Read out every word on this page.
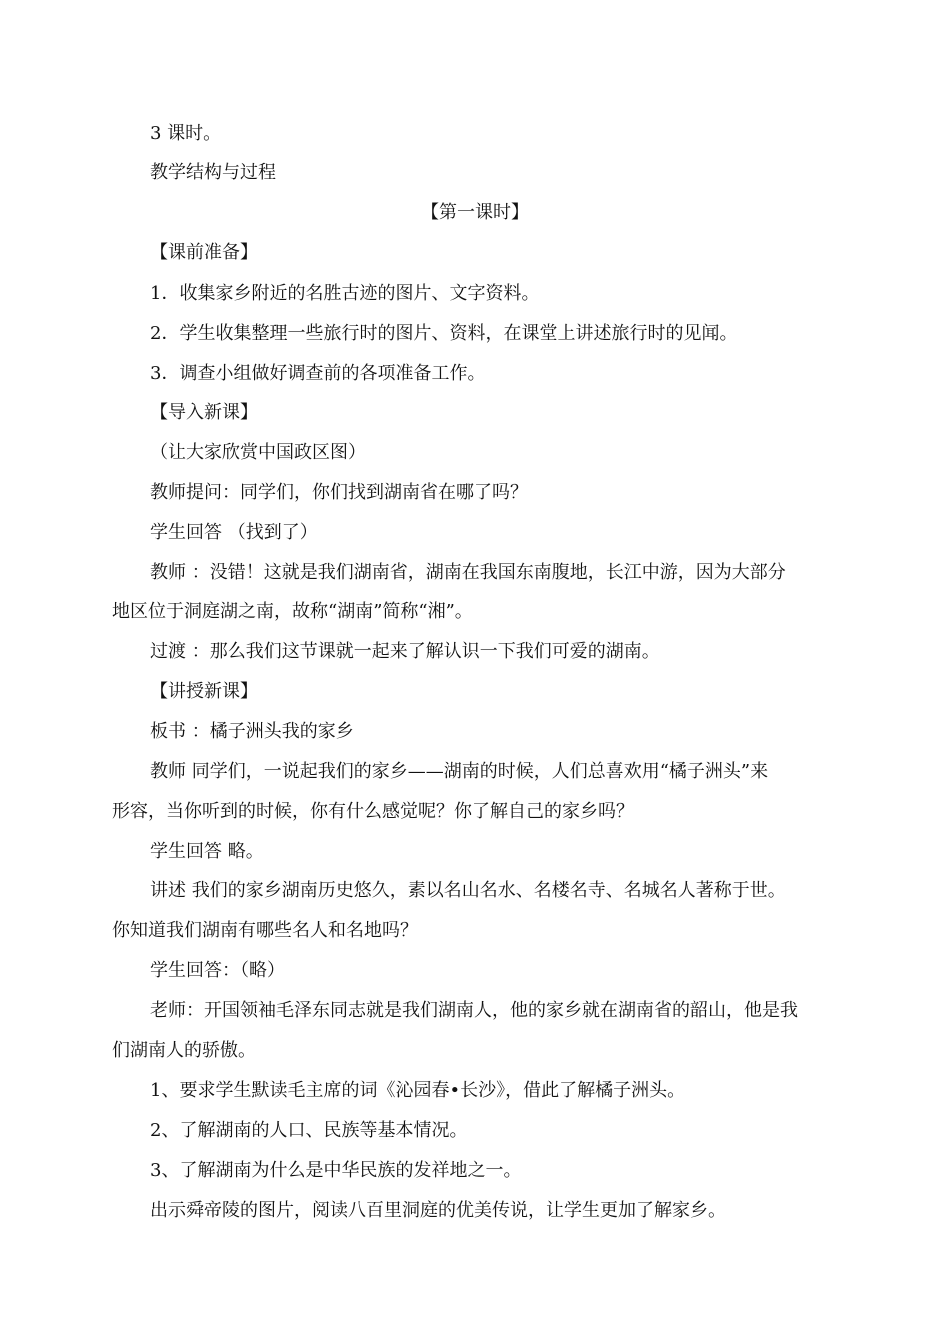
3 课时。
教学结构与过程
【第一课时】
【课前准备】
1．收集家乡附近的名胜古迹的图片、文字资料。
2．学生收集整理一些旅行时的图片、资料，在课堂上讲述旅行时的见闻。
3．调查小组做好调查前的各项准备工作。
【导入新课】
（让大家欣赏中国政区图）
教师提问：同学们，你们找到湖南省在哪了吗？
学生回答 （找到了）
教师 ：没错！这就是我们湖南省，湖南在我国东南腹地，长江中游，因为大部分
地区位于洞庭湖之南，故称“湖南”简称“湘”。
过渡 ：那么我们这节课就一起来了解认识一下我们可爱的湖南。
【讲授新课】
板书 ：橘子洲头我的家乡
教师 同学们，一说起我们的家乡——湖南的时候，人们总喜欢用“橘子洲头”来
形容，当你听到的时候，你有什么感觉呢？你了解自己的家乡吗？
学生回答 略。
讲述 我们的家乡湖南历史悠久，素以名山名水、名楼名寺、名城名人著称于世。
你知道我们湖南有哪些名人和名地吗？
学生回答：（略）
老师：开国领袖毛泽东同志就是我们湖南人，他的家乡就在湖南省的韶山，他是我
们湖南人的骄傲。
1、要求学生默读毛主席的词《沁园春•长沙》，借此了解橘子洲头。
2、了解湖南的人口、民族等基本情况。
3、了解湖南为什么是中华民族的发祥地之一。
出示舜帝陵的图片，阅读八百里洞庭的优美传说，让学生更加了解家乡。
